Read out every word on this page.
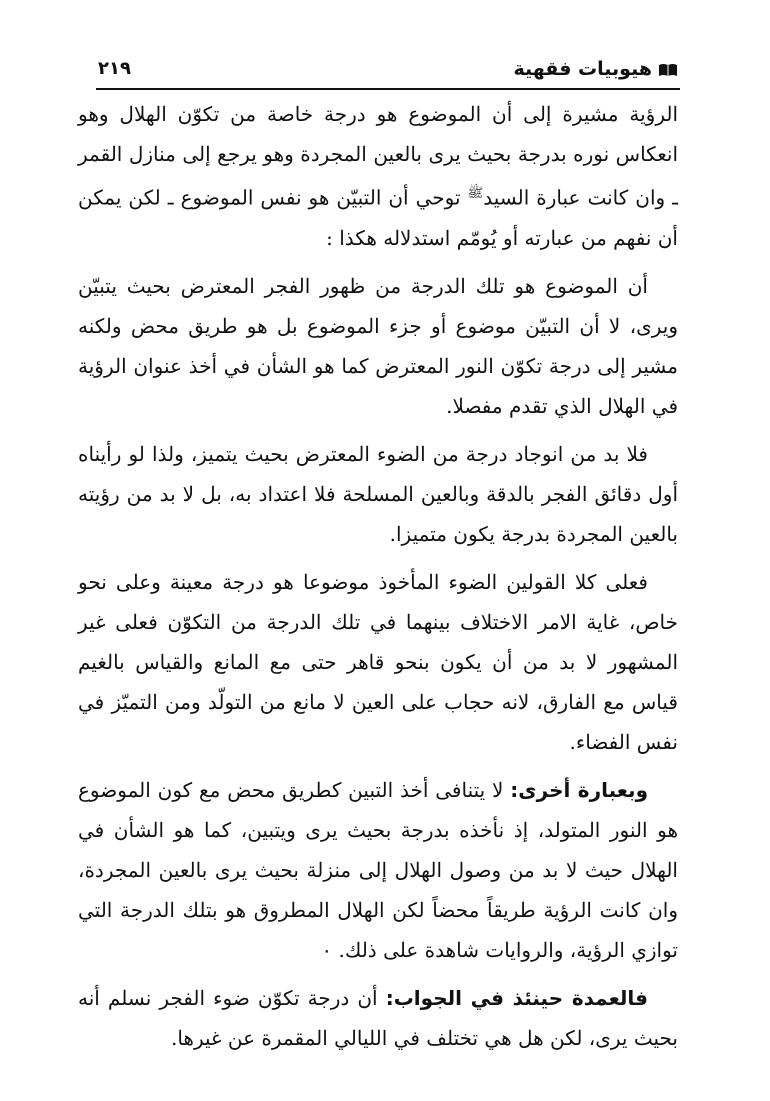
هيوبيات فقهية
٢١٩

الرؤية مشيرة إلى أن الموضوع هو درجة خاصة من تكوّن الهلال وهو انعكاس نوره بدرجة بحيث يرى بالعين المجردة وهو يرجع إلى منازل القمر ـ وان كانت عبارة السيد$^ﷺ$ توحي أن التبيّن هو نفس الموضوع ـ لكن يمكن أن نفهم من عبارته أو يُومّم استدلاله هكذا :

أن الموضوع هو تلك الدرجة من ظهور الفجر المعترض بحيث يتبيّن ويرى، لا أن التبيّن موضوع أو جزء الموضوع بل هو طريق محض ولكنه مشير إلى درجة تكوّن النور المعترض كما هو الشأن في أخذ عنوان الرؤية في الهلال الذي تقدم مفصلا.

فلا بد من انوجاد درجة من الضوء المعترض بحيث يتميز، ولذا لو رأيناه أول دقائق الفجر بالدقة وبالعين المسلحة فلا اعتداد به، بل لا بد من رؤيته بالعين المجردة بدرجة يكون متميزا.

فعلى كلا القولين الضوء المأخوذ موضوعا هو درجة معينة وعلى نحو خاص، غاية الامر الاختلاف بينهما في تلك الدرجة من التكوّن فعلى غير المشهور لا بد من أن يكون بنحو قاهر حتى مع المانع والقياس بالغيم قياس مع الفارق، لانه حجاب على العين لا مانع من التولّد ومن التميّز في نفس الفضاء.

وبعبارة أخرى: لا يتنافى أخذ التبين كطريق محض مع كون الموضوع هو النور المتولد، إذ نأخذه بدرجة بحيث يرى ويتبين، كما هو الشأن في الهلال حيث لا بد من وصول الهلال إلى منزلة بحيث يرى بالعين المجردة، وان كانت الرؤية طريقاً محضاً لكن الهلال المطروق هو بتلك الدرجة التي توازي الرؤية، والروايات شاهدة على ذلك. ٠

فالعمدة حينئذ في الجواب: أن درجة تكوّن ضوء الفجر نسلم أنه بحيث يرى، لكن هل هي تختلف في الليالي المقمرة عن غيرها.
